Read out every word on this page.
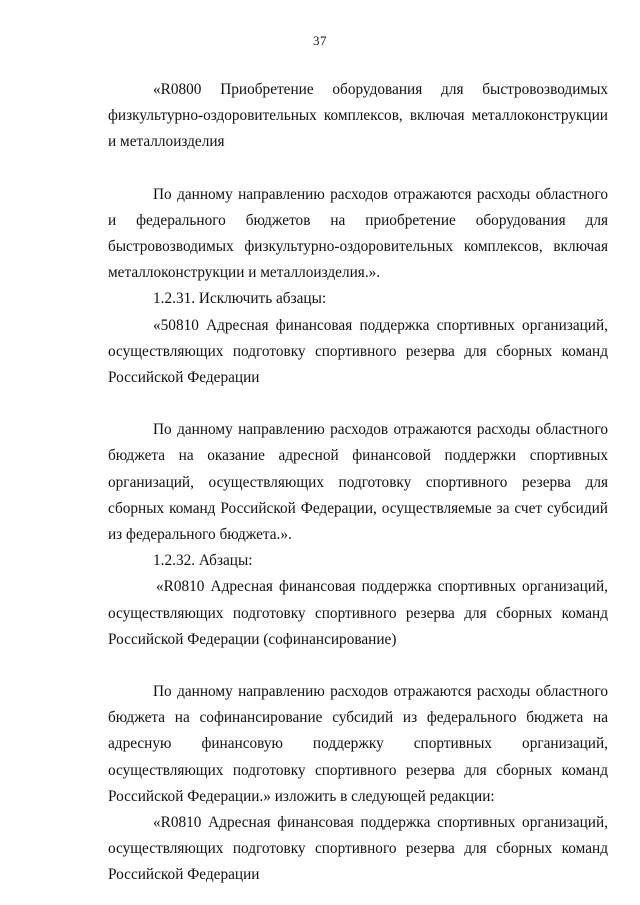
37

«R0800 Приобретение оборудования для быстровозводимых физкультурно-оздоровительных комплексов, включая металлоконструкции и металлоизделия

По данному направлению расходов отражаются расходы областного и федерального бюджетов на приобретение оборудования для быстровозводимых физкультурно-оздоровительных комплексов, включая металлоконструкции и металлоизделия.».

1.2.31. Исключить абзацы:

«50810 Адресная финансовая поддержка спортивных организаций, осуществляющих подготовку спортивного резерва для сборных команд Российской Федерации

По данному направлению расходов отражаются расходы областного бюджета на оказание адресной финансовой поддержки спортивных организаций, осуществляющих подготовку спортивного резерва для сборных команд Российской Федерации, осуществляемые за счет субсидий из федерального бюджета.».

1.2.32. Абзацы:

«R0810 Адресная финансовая поддержка спортивных организаций, осуществляющих подготовку спортивного резерва для сборных команд Российской Федерации (софинансирование)

По данному направлению расходов отражаются расходы областного бюджета на софинансирование субсидий из федерального бюджета на адресную финансовую поддержку спортивных организаций, осуществляющих подготовку спортивного резерва для сборных команд Российской Федерации.» изложить в следующей редакции:

«R0810 Адресная финансовая поддержка спортивных организаций, осуществляющих подготовку спортивного резерва для сборных команд Российской Федерации
